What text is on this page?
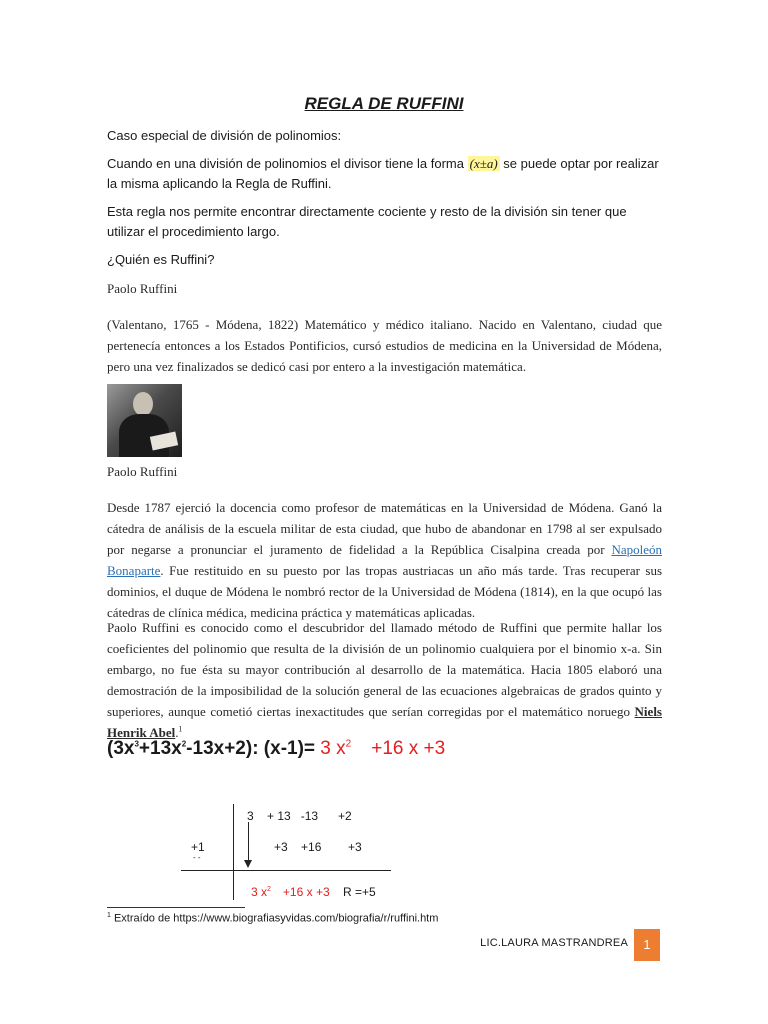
REGLA DE RUFFINI
Caso especial de división de polinomios:
Cuando en una división de polinomios el divisor tiene la forma (x±a) se puede optar por realizar la misma aplicando la Regla de Ruffini.
Esta regla nos permite encontrar directamente cociente y resto de la división sin tener que utilizar el procedimiento largo.
¿Quién es Ruffini?
Paolo Ruffini
(Valentano, 1765 - Módena, 1822) Matemático y médico italiano. Nacido en Valentano, ciudad que pertenecía entonces a los Estados Pontificios, cursó estudios de medicina en la Universidad de Módena, pero una vez finalizados se dedicó casi por entero a la investigación matemática.
Paolo Ruffini
Desde 1787 ejerció la docencia como profesor de matemáticas en la Universidad de Módena. Ganó la cátedra de análisis de la escuela militar de esta ciudad, que hubo de abandonar en 1798 al ser expulsado por negarse a pronunciar el juramento de fidelidad a la República Cisalpina creada por Napoleón Bonaparte. Fue restituido en su puesto por las tropas austriacas un año más tarde. Tras recuperar sus dominios, el duque de Módena le nombró rector de la Universidad de Módena (1814), en la que ocupó las cátedras de clínica médica, medicina práctica y matemáticas aplicadas.
Paolo Ruffini es conocido como el descubridor del llamado método de Ruffini que permite hallar los coeficientes del polinomio que resulta de la división de un polinomio cualquiera por el binomio x-a. Sin embargo, no fue ésta su mayor contribución al desarrollo de la matemática. Hacia 1805 elaboró una demostración de la imposibilidad de la solución general de las ecuaciones algebraicas de grados quinto y superiores, aunque cometió ciertas inexactitudes que serían corregidas por el matemático noruego Niels Henrik Abel.$^1$
$(3x^3+13x^2-13x+2)$: (x-1)= 3 $x^2 +16$ x +3
3    + 13   -13      +2
+1
- -
+3    +16        +3
3 $x^2 +16$ x +3 R =+5
$^1$ Extraído de https://www.biografiasyvidas.com/biografia/r/ruffini.htm
LIC.LAURA MASTRANDREA	1
